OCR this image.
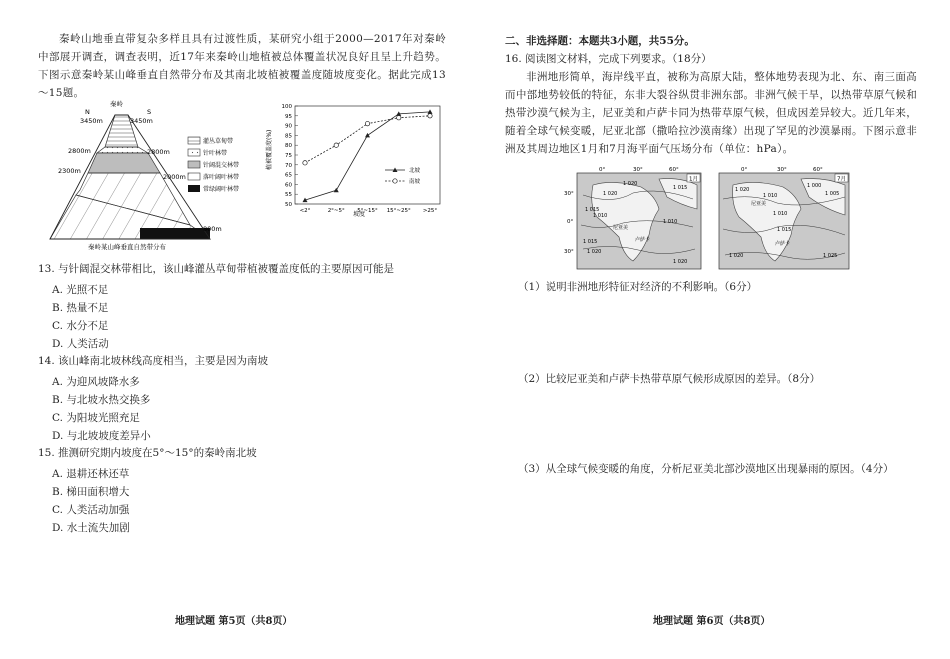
秦岭山地垂直带复杂多样且具有过渡性质，某研究小组于2000—2017年对秦岭中部展开调查，调查表明，近17年来秦岭山地植被总体覆盖状况良好且呈上升趋势。下图示意秦岭某山峰垂直自然带分布及其南北坡植被覆盖度随坡度变化。据此完成13～15题。
秦岭
N	S
3450m	3450m
2800m	2800m
2300m
2000m
800m
秦岭某山峰垂直自然带分布
灌丛草甸带
针叶林带
针阔混交林带
落叶阔叶林带
常绿阔叶林带
植被覆盖度(%)
坡度
50
55
60
65
70
75
80
85
90
95
100
<2°	2°~5° 5°~15° 15°~25° >25°
北坡
南坡
13. 与针阔混交林带相比，该山峰灌丛草甸带植被覆盖度低的主要原因可能是
A. 光照不足
B. 热量不足
C. 水分不足
D. 人类活动
14. 该山峰南北坡林线高度相当，主要是因为南坡
A. 为迎风坡降水多
B. 与北坡水热交换多
C. 为阳坡光照充足
D. 与北坡坡度差异小
15. 推测研究期内坡度在5°～15°的秦岭南北坡
A. 退耕还林还草
B. 梯田面积增大
C. 人类活动加强
D. 水土流失加剧
地理试题 第5页（共8页）
二、非选择题：本题共3小题，共55分。
16. 阅读图文材料，完成下列要求。（18分）
非洲地形简单，海岸线平直，被称为高原大陆，整体地势表现为北、东、南三面高而中部地势较低的特征，东非大裂谷纵贯非洲东部。非洲气候干旱，以热带草原气候和热带沙漠气候为主，尼亚美和卢萨卡同为热带草原气候，但成因差异较大。近几年来，随着全球气候变暖，尼亚北部（撒哈拉沙漠南缘）出现了罕见的沙漠暴雨。下图示意非洲及其周边地区1月和7月海平面气压场分布（单位：hPa）。
0°	30°	60°
30°
0°
30°
1月
1 020
1 015
1 010
1 015
1 020
1 010
1 020
1 015
1 020
尼亚美
卢萨卡
0°	30°	60°
7月
1 020
1 010	1 005
1 010
1 015
1 020	1 025
1 000
尼亚美
卢萨卡
（1）说明非洲地形特征对经济的不利影响。（6分）
（2）比较尼亚美和卢萨卡热带草原气候形成原因的差异。（8分）
（3）从全球气候变暖的角度，分析尼亚美北部沙漠地区出现暴雨的原因。（4分）
地理试题 第6页（共8页）
